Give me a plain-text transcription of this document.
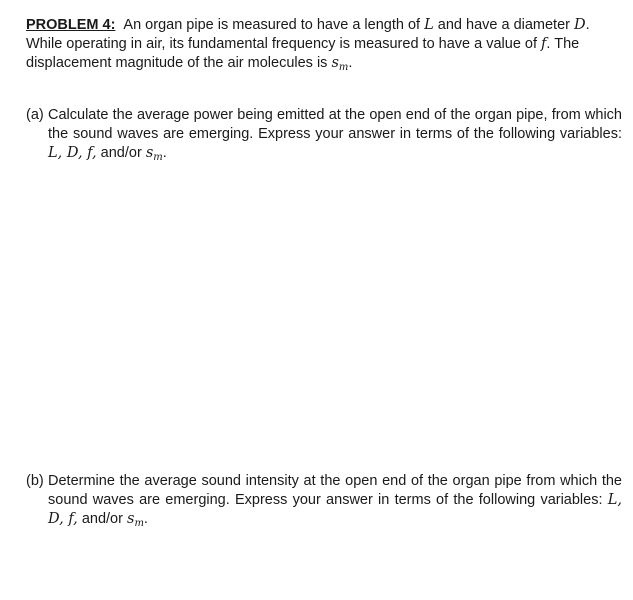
PROBLEM 4: An organ pipe is measured to have a length of L and have a diameter D. While operating in air, its fundamental frequency is measured to have a value of f. The displacement magnitude of the air molecules is $s_m$.
(a) Calculate the average power being emitted at the open end of the organ pipe, from which the sound waves are emerging. Express your answer in terms of the following variables: L, D, f, and/or $s_m$.
(b) Determine the average sound intensity at the open end of the organ pipe from which the sound waves are emerging. Express your answer in terms of the following variables: L, D, f, and/or $s_m$.
